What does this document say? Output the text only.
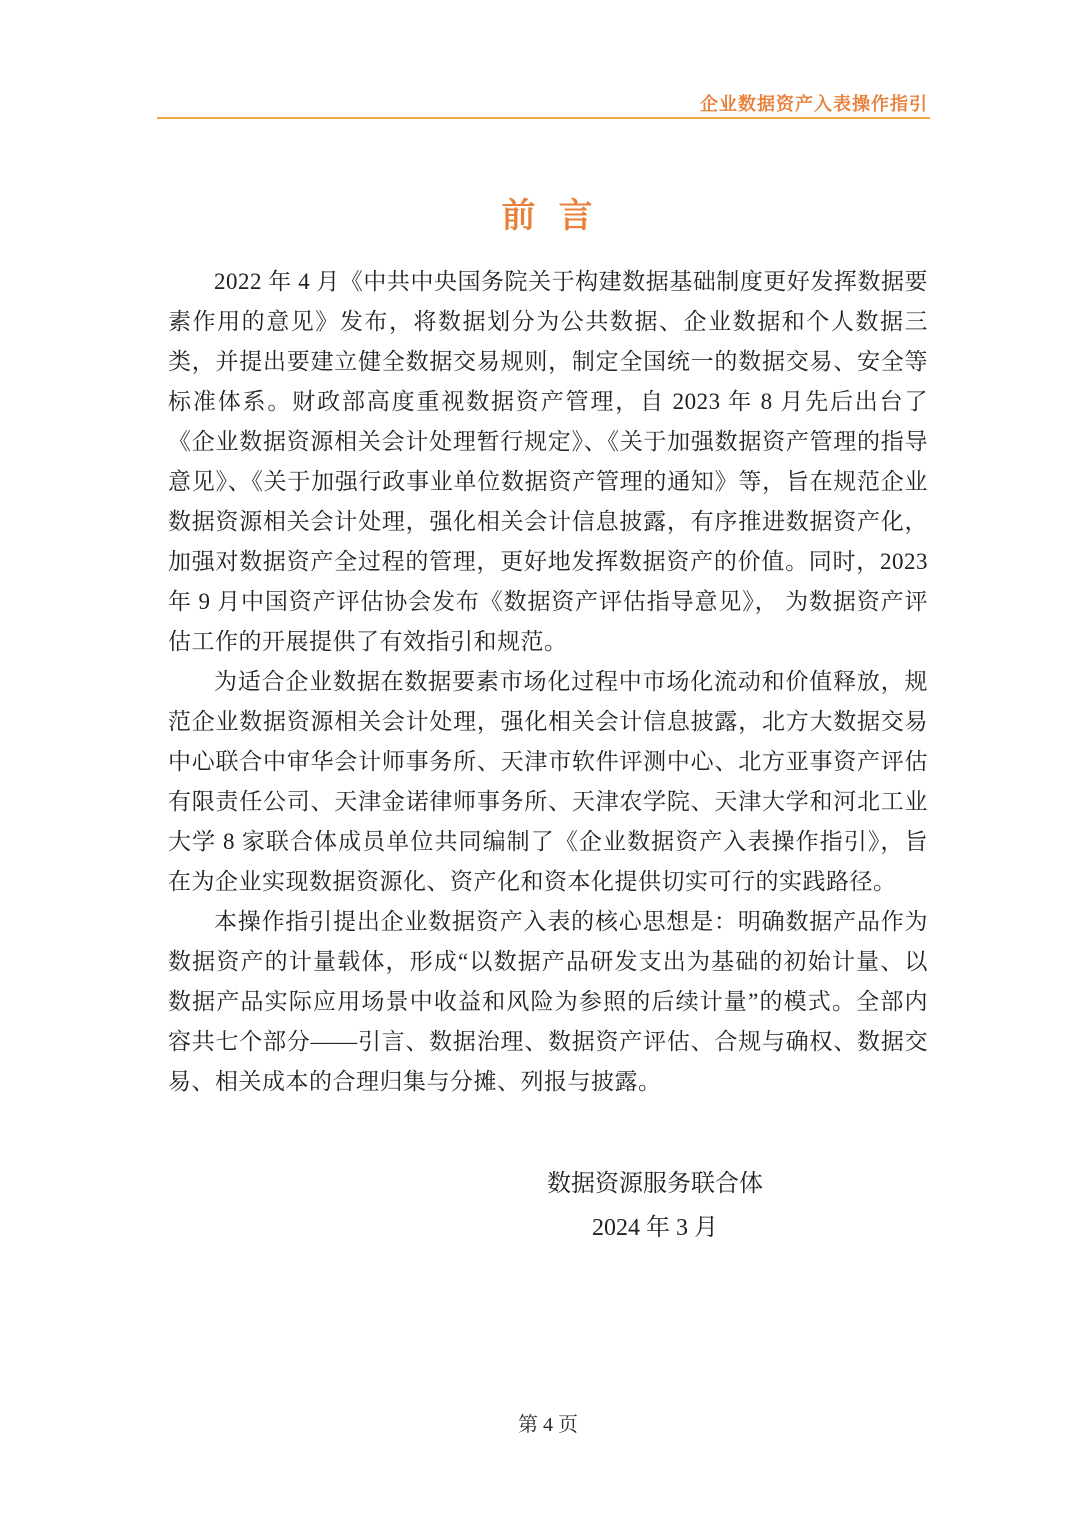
企业数据资产入表操作指引
前  言

2022 年 4 月《中共中央国务院关于构建数据基础制度更好发挥数据要素作用的意见》发布，将数据划分为公共数据、企业数据和个人数据三类，并提出要建立健全数据交易规则，制定全国统一的数据交易、安全等标准体系。财政部高度重视数据资产管理，自 2023 年 8 月先后出台了《企业数据资源相关会计处理暂行规定》、《关于加强数据资产管理的指导意见》、《关于加强行政事业单位数据资产管理的通知》等，旨在规范企业数据资源相关会计处理，强化相关会计信息披露，有序推进数据资产化，加强对数据资产全过程的管理，更好地发挥数据资产的价值。同时，2023 年 9 月中国资产评估协会发布《数据资产评估指导意见》， 为数据资产评估工作的开展提供了有效指引和规范。

为适合企业数据在数据要素市场化过程中市场化流动和价值释放，规范企业数据资源相关会计处理，强化相关会计信息披露，北方大数据交易中心联合中审华会计师事务所、天津市软件评测中心、北方亚事资产评估有限责任公司、天津金诺律师事务所、天津农学院、天津大学和河北工业大学 8 家联合体成员单位共同编制了《企业数据资产入表操作指引》，旨在为企业实现数据资源化、资产化和资本化提供切实可行的实践路径。

本操作指引提出企业数据资产入表的核心思想是：明确数据产品作为数据资产的计量载体，形成“以数据产品研发支出为基础的初始计量、以数据产品实际应用场景中收益和风险为参照的后续计量”的模式。全部内容共七个部分——引言、数据治理、数据资产评估、合规与确权、数据交易、相关成本的合理归集与分摊、列报与披露。

数据资源服务联合体
2024 年 3 月
第 4 页
